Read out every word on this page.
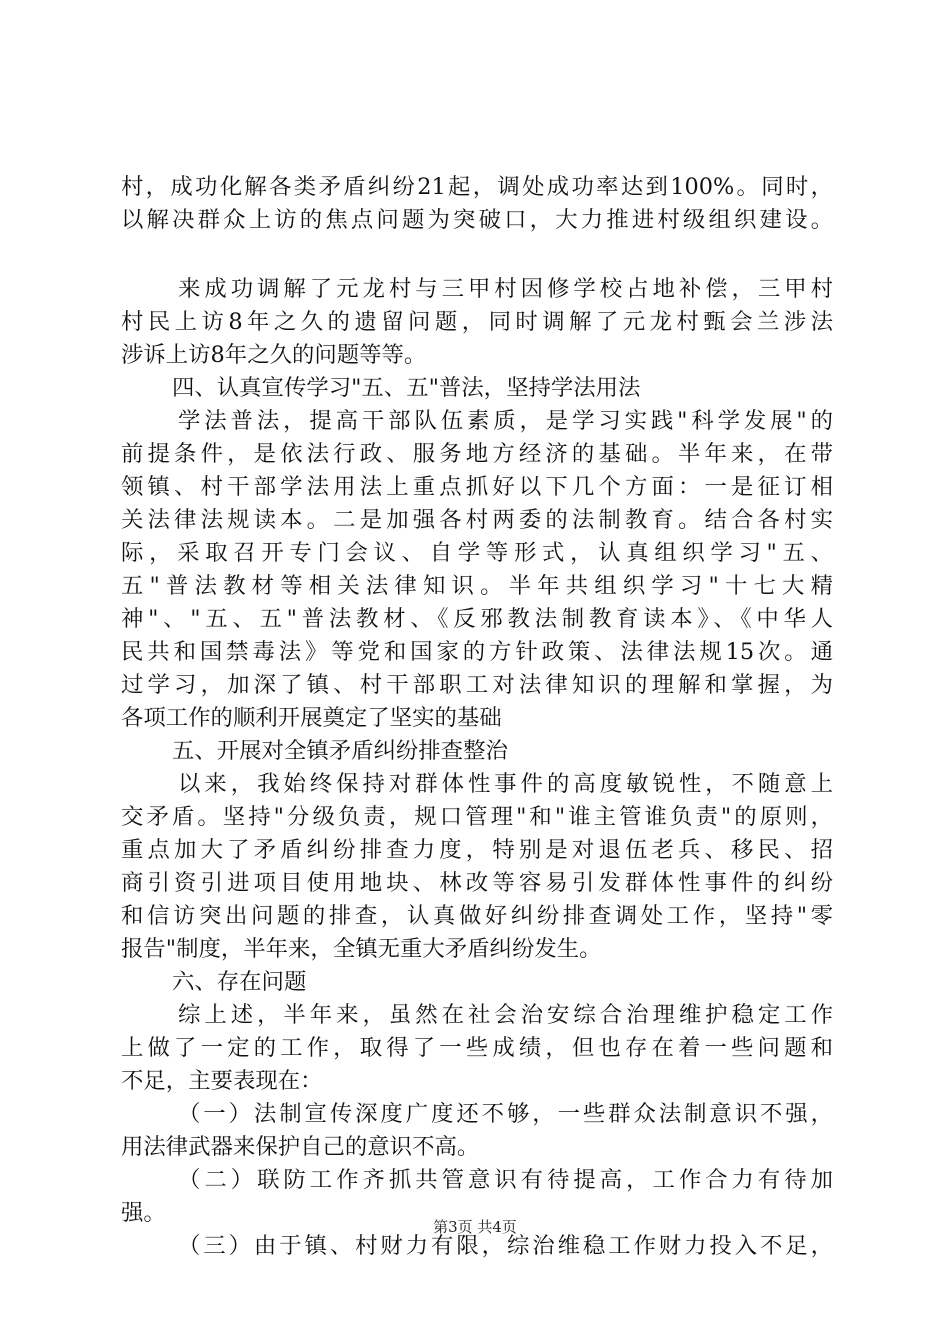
村，成功化解各类矛盾纠纷21起，调处成功率达到100%。同时，
以解决群众上访的焦点问题为突破口，大力推进村级组织建设。
来成功调解了元龙村与三甲村因修学校占地补偿，三甲村
村民上访8年之久的遗留问题，同时调解了元龙村甄会兰涉法
涉诉上访8年之久的问题等等。
四、认真宣传学习"五、五"普法，坚持学法用法
学法普法，提高干部队伍素质，是学习实践"科学发展"的
前提条件，是依法行政、服务地方经济的基础。半年来，在带
领镇、村干部学法用法上重点抓好以下几个方面：一是征订相
关法律法规读本。二是加强各村两委的法制教育。结合各村实
际，采取召开专门会议、自学等形式，认真组织学习"五、
五"普法教材等相关法律知识。半年共组织学习"十七大精
神"、"五、五"普法教材、《反邪教法制教育读本》、《中华人
民共和国禁毒法》等党和国家的方针政策、法律法规15次。通
过学习，加深了镇、村干部职工对法律知识的理解和掌握，为
各项工作的顺利开展奠定了坚实的基础
五、开展对全镇矛盾纠纷排查整治
以来，我始终保持对群体性事件的高度敏锐性，不随意上
交矛盾。坚持"分级负责，规口管理"和"谁主管谁负责"的原则，
重点加大了矛盾纠纷排查力度，特别是对退伍老兵、移民、招
商引资引进项目使用地块、林改等容易引发群体性事件的纠纷
和信访突出问题的排查，认真做好纠纷排查调处工作，坚持"零
报告"制度，半年来，全镇无重大矛盾纠纷发生。
六、存在问题
综上述，半年来，虽然在社会治安综合治理维护稳定工作
上做了一定的工作，取得了一些成绩，但也存在着一些问题和
不足，主要表现在：
（一）法制宣传深度广度还不够，一些群众法制意识不强，
用法律武器来保护自己的意识不高。
（二）联防工作齐抓共管意识有待提高，工作合力有待加
强。
（三）由于镇、村财力有限，综治维稳工作财力投入不足，
第3页 共4页
